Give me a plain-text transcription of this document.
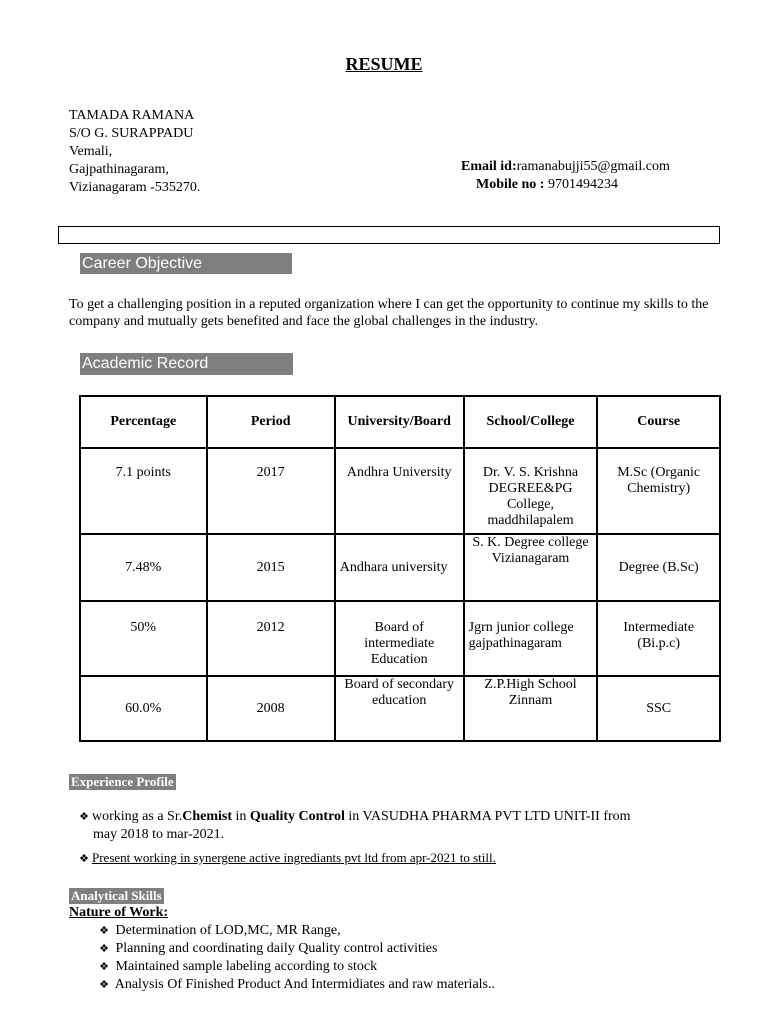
RESUME
TAMADA RAMANA
S/O G. SURAPPADU
Vemali,
Gajpathinagaram,
Vizianagaram -535270.
Email id:ramanabujji55@gmail.com
Mobile no : 9701494234
Career Objective
To get a challenging position in a reputed organization where I can get the opportunity to continue my skills to the company and mutually gets benefited and face the global challenges in the industry.
Academic Record
Percentage	Period	University/Board	School/College	Course
7.1 points	2017	Andhra University	Dr. V. S. Krishna DEGREE&PG College, maddhilapalem	M.Sc (Organic Chemistry)
7.48%	2015	Andhara university	S. K. Degree college Vizianagaram	Degree (B.Sc)
50%	2012	Board of intermediate Education	Jgrn junior college gajpathinagaram	Intermediate (Bi.p.c)
60.0%	2008	Board of secondary education	Z.P.High School Zinnam	SSC
Experience Profile
❖ working as a Sr.Chemist in Quality Control in VASUDHA PHARMA PVT LTD UNIT-II from
may 2018 to mar-2021.
❖ Present working in synergene active ingrediants pvt ltd from apr-2021 to still.
Analytical Skills
Nature of Work:
❖ Determination of LOD,MC, MR Range,
❖ Planning and coordinating daily Quality control activities
❖ Maintained sample labeling according to stock
❖ Analysis Of Finished Product And Intermidiates and raw materials..
